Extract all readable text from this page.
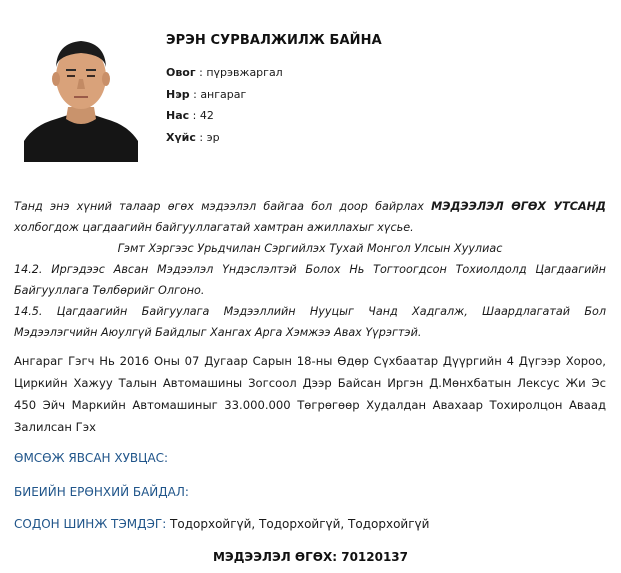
ЭРЭН СУРВАЛЖИЛЖ БАЙНА
Овог : пүрэвжаргал
Нэр : ангараг
Нас : 42
Хүйс : эр

Танд энэ хүний талаар өгөх мэдээлэл байгаа бол доор байрлах МЭДЭЭЛЭЛ ӨГӨХ УТСАНД холбогдож цагдаагийн байгууллагатай хамтран ажиллахыг хүсье.

Гэмт Хэргээс Урьдчилан Сэргийлэх Тухай Монгол Улсын Хуулиас

14.2. Иргэдээс Авсан Мэдээлэл Үндэслэлтэй Болох Нь Тогтоогдсон Тохиолдолд Цагдаагийн Байгууллага Төлбөрийг Олгоно.

14.5. Цагдаагийн Байгуулага Мэдээллийн Нууцыг Чанд Хадгалж, Шаардлагатай Бол Мэдээлэгчийн Аюулгүй Байдлыг Хангах Арга Хэмжээ Авах Үүрэгтэй.

Ангараг Гэгч Нь 2016 Оны 07 Дугаар Сарын 18-ны Өдөр Сүхбаатар Дүүргийн 4 Дүгээр Хороо, Циркийн Хажуу Талын Автомашины Зогсоол Дээр Байсан Иргэн Д.Мөнхбатын Лексус Жи Эс 450 Эйч Маркийн Автомашиныг 33.000.000 Төгрөгөөр Худалдан Авахаар Тохиролцон Аваад Залилсан Гэх
ӨМСӨЖ ЯВСАН ХУВЦАС:
БИЕИЙН ЕРӨНХИЙ БАЙДАЛ:
СОДОН ШИНЖ ТЭМДЭГ: Тодорхойгүй, Тодорхойгүй, Тодорхойгүй
МЭДЭЭЛЭЛ ӨГӨХ: 70120137
